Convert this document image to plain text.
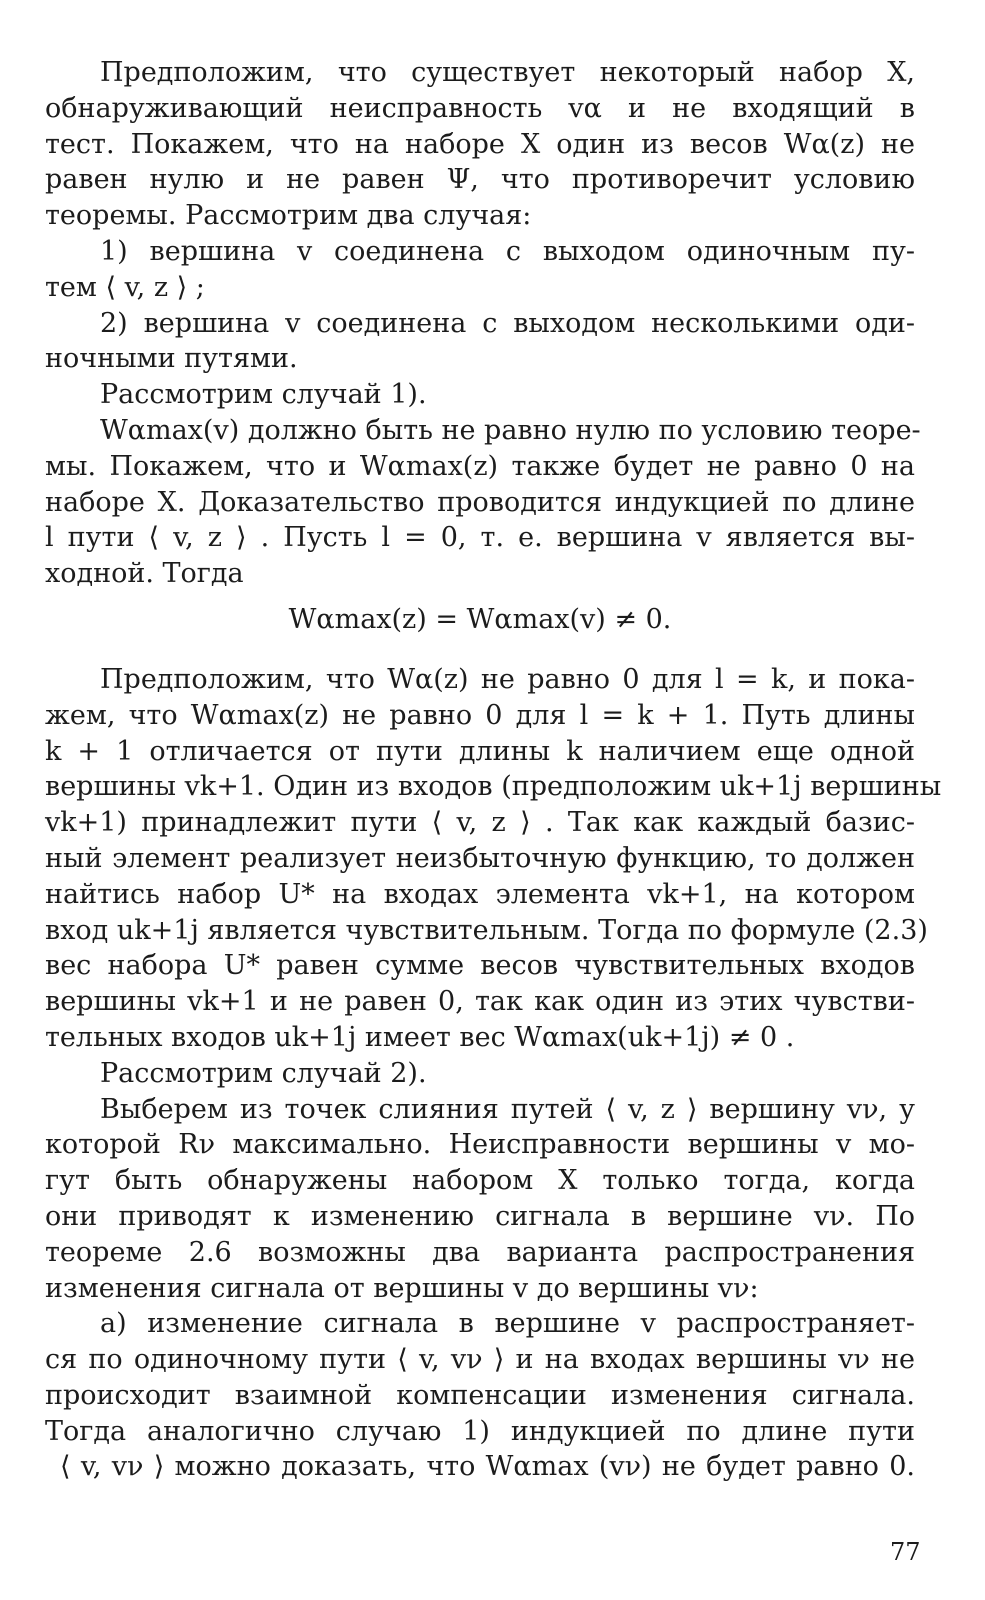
Предположим, что существует некоторый набор X,
обнаруживающий неисправность vα и не входящий в
тест. Покажем, что на наборе X один из весов Wα(z) не
равен нулю и не равен Ψ, что противоречит условию
теоремы. Рассмотрим два случая:
1) вершина v соединена с выходом одиночным пу-
тем ⟨ v, z ⟩ ;
2) вершина v соединена с выходом несколькими оди-
ночными путями.
Рассмотрим случай 1).
Wαmax(v) должно быть не равно нулю по условию теоре-
мы. Покажем, что и Wαmax(z) также будет не равно 0 на
наборе X. Доказательство проводится индукцией по длине
l пути ⟨ v, z ⟩ . Пусть l = 0, т. е. вершина v является вы-
ходной. Тогда
Wαmax(z) = Wαmax(v) ≠ 0.
Предположим, что Wα(z) не равно 0 для l = k, и пока-
жем, что Wαmax(z) не равно 0 для l = k + 1. Путь длины
k + 1 отличается от пути длины k наличием еще одной
вершины vk+1. Один из входов (предположим uk+1j вершины
vk+1) принадлежит пути ⟨ v, z ⟩ . Так как каждый базис-
ный элемент реализует неизбыточную функцию, то должен
найтись набор U* на входах элемента vk+1, на котором
вход uk+1j является чувствительным. Тогда по формуле (2.3)
вес набора U* равен сумме весов чувствительных входов
вершины vk+1 и не равен 0, так как один из этих чувстви-
тельных входов uk+1j имеет вес Wαmax(uk+1j) ≠ 0 .
Рассмотрим случай 2).
Выберем из точек слияния путей ⟨ v, z ⟩ вершину vν, у
которой Rν максимально. Неисправности вершины v мо-
гут быть обнаружены набором X только тогда, когда
они приводят к изменению сигнала в вершине vν. По
теореме 2.6 возможны два варианта распространения
изменения сигнала от вершины v до вершины vν:
а) изменение сигнала в вершине v распространяет-
ся по одиночному пути ⟨ v, vν ⟩ и на входах вершины vν не
происходит взаимной компенсации изменения сигнала.
Тогда аналогично случаю 1) индукцией по длине пути
⟨ v, vν ⟩ можно доказать, что Wαmax (vν) не будет равно 0.
77
